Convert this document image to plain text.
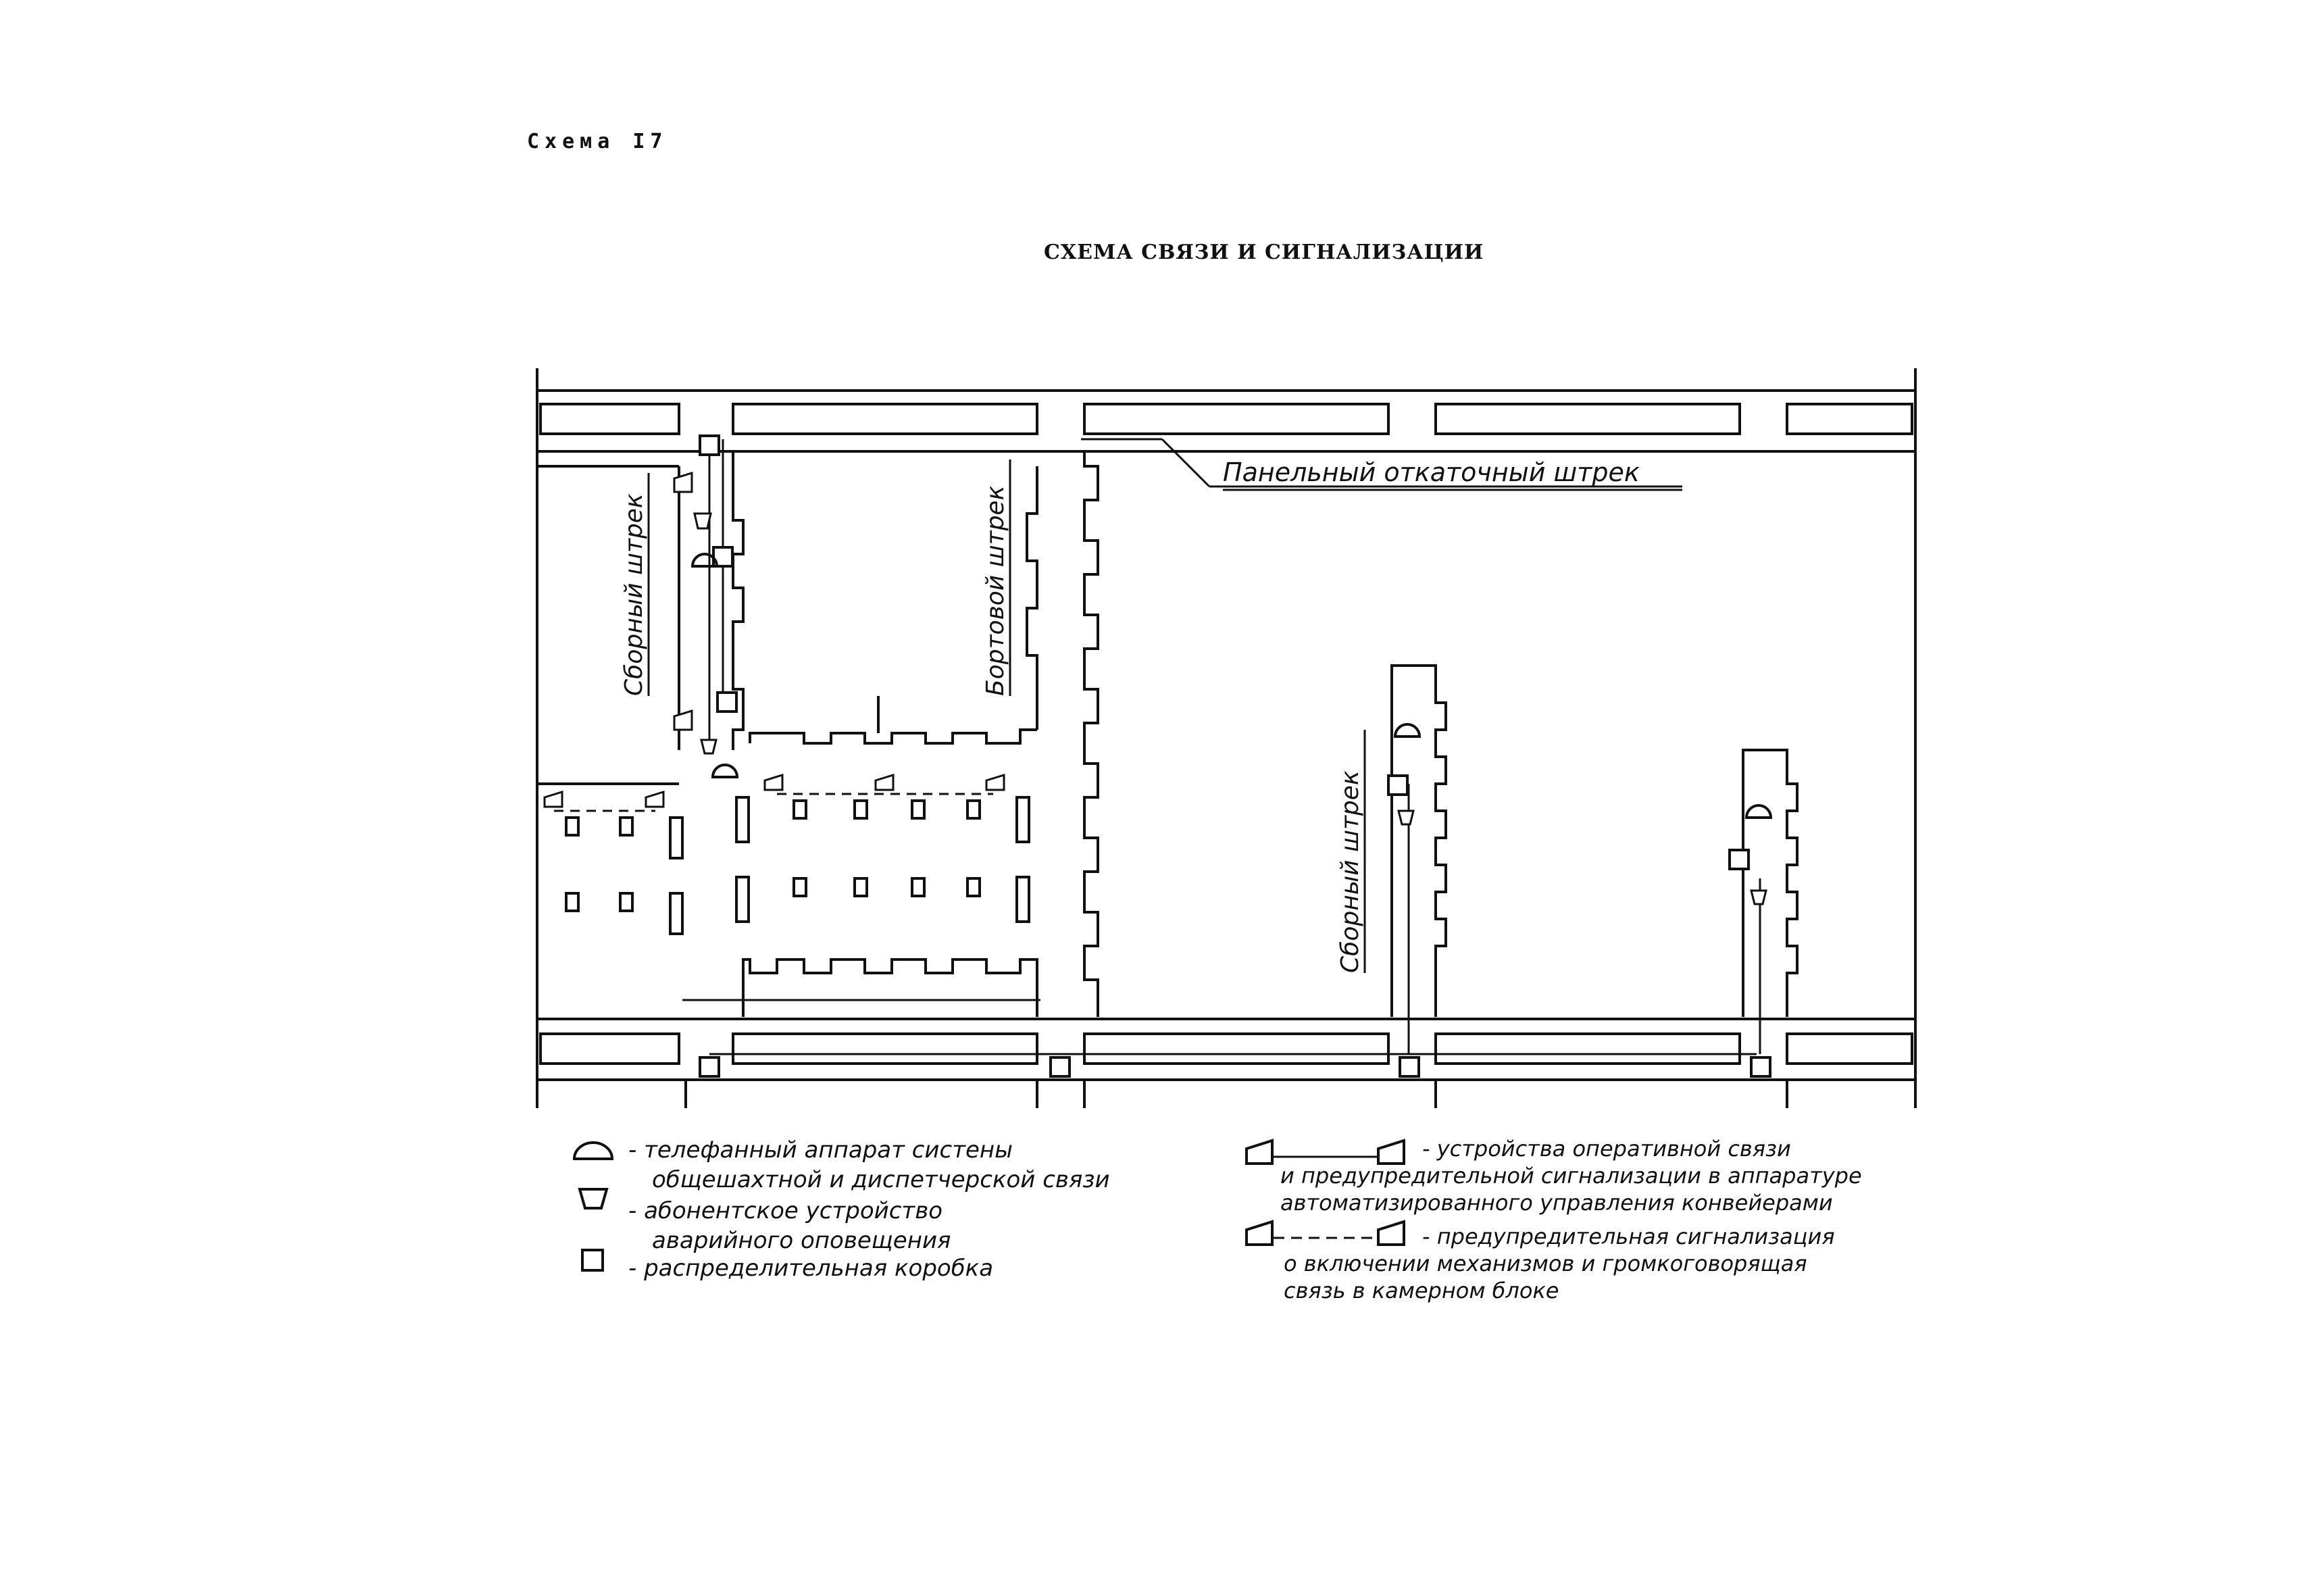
Схема I7
СХЕМА СВЯЗИ И СИГНАЛИЗАЦИИ
Панельный откаточный штрек
Сборный штрек	Бортовой штрек
Сборный штрек
- телефанный аппарат систены
общешахтной и диспетчерской связи
- абонентское устройство
аварийного оповещения
- распределительная коробка
- устройства оперативной связи
и предупредительной сигнализации в аппаратуре
автоматизированного управления конвейерами
- предупредительная сигнализация
о включении механизмов и громкоговорящая
связь в камерном блоке
